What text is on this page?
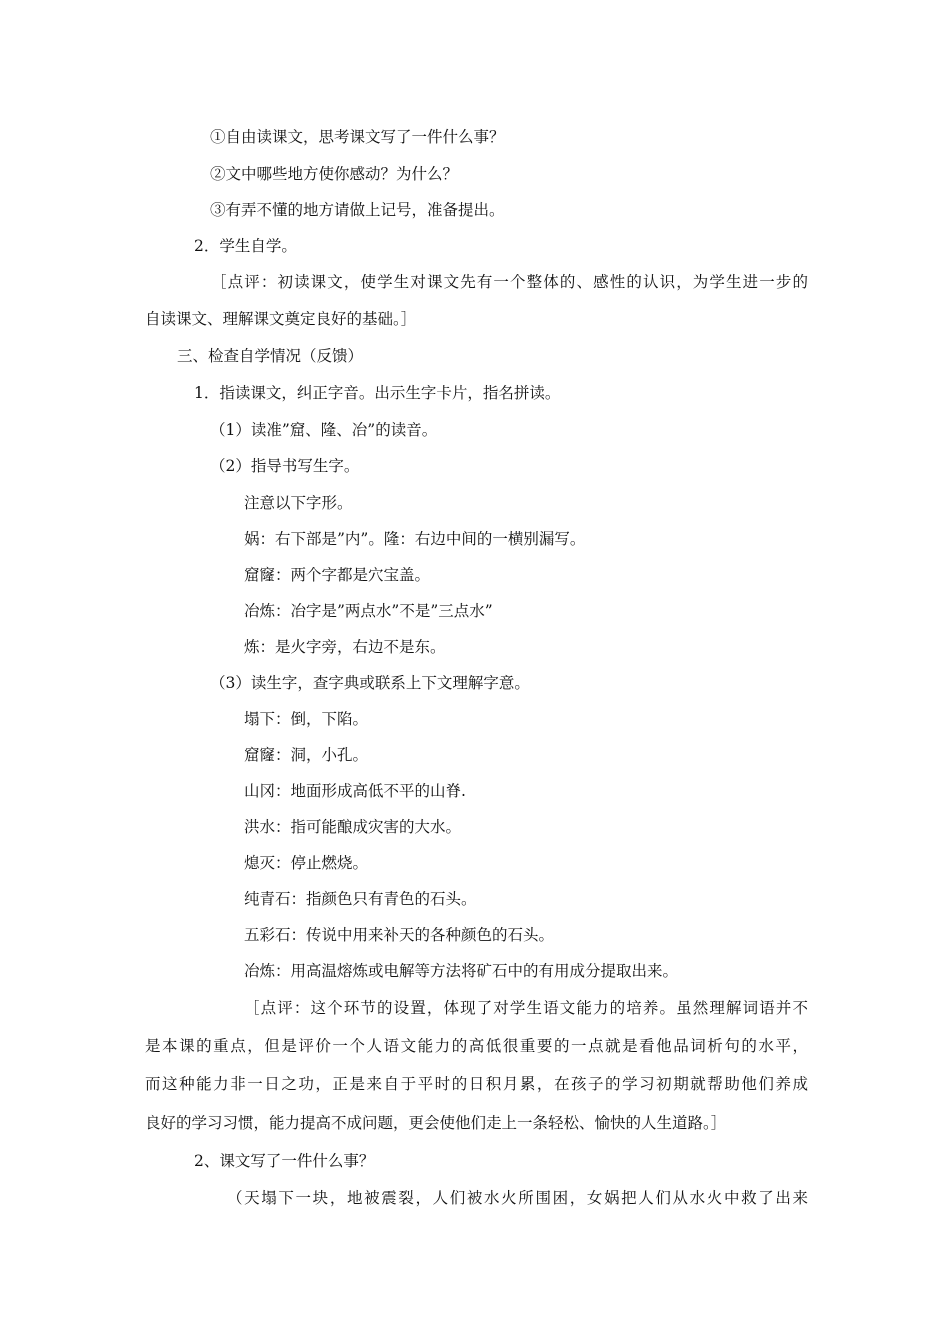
①自由读课文，思考课文写了一件什么事？
②文中哪些地方使你感动？为什么？
③有弄不懂的地方请做上记号，准备提出。
2．学生自学。
［点评：初读课文，使学生对课文先有一个整体的、感性的认识，为学生进一步的
自读课文、理解课文奠定良好的基础。］
三、检查自学情况（反馈）
1．指读课文，纠正字音。出示生字卡片，指名拼读。
（1）读准”窟、隆、冶”的读音。
（2）指导书写生字。
注意以下字形。
娲：右下部是”内”。隆：右边中间的一横别漏写。
窟窿：两个字都是穴宝盖。
冶炼：冶字是”两点水”不是”三点水”
炼：是火字旁，右边不是东。
（3）读生字，查字典或联系上下文理解字意。
塌下：倒，下陷。
窟窿：洞，小孔。
山冈：地面形成高低不平的山脊.
洪水：指可能酿成灾害的大水。
熄灭：停止燃烧。
纯青石：指颜色只有青色的石头。
五彩石：传说中用来补天的各种颜色的石头。
冶炼：用高温熔炼或电解等方法将矿石中的有用成分提取出来。
［点评：这个环节的设置，体现了对学生语文能力的培养。虽然理解词语并不
是本课的重点，但是评价一个人语文能力的高低很重要的一点就是看他品词析句的水平，
而这种能力非一日之功，正是来自于平时的日积月累，在孩子的学习初期就帮助他们养成
良好的学习习惯，能力提高不成问题，更会使他们走上一条轻松、愉快的人生道路。］
2、课文写了一件什么事？
（天塌下一块，地被震裂，人们被水火所围困，女娲把人们从水火中救了出来
